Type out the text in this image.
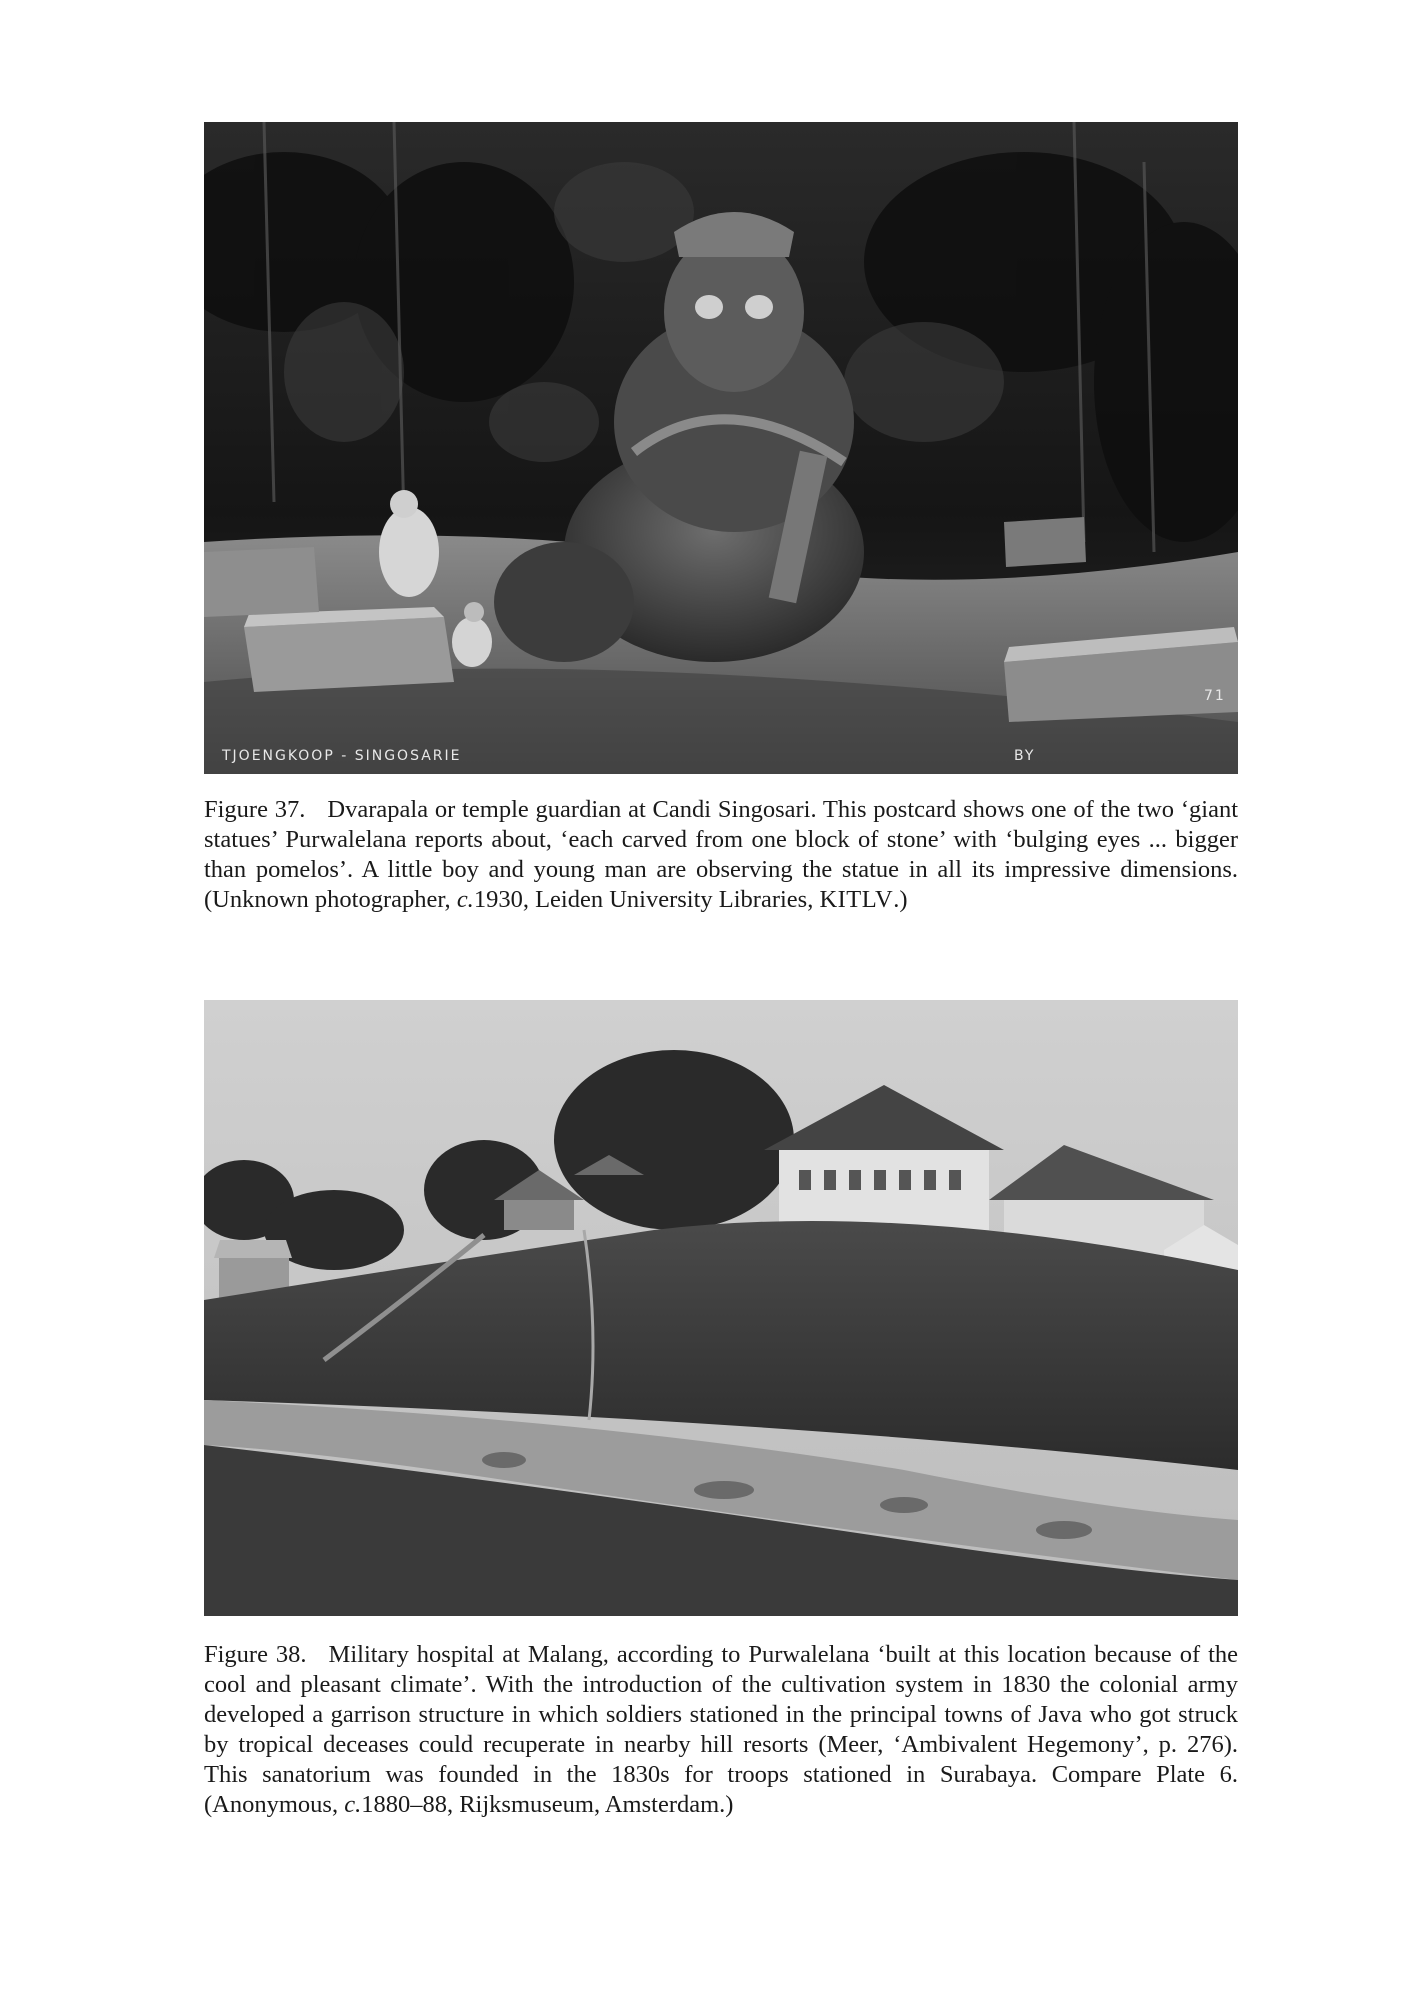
TJOENGKOOP - SINGOSARIE	BY
71

Figure 37. Dvarapala or temple guardian at Candi Singosari. This postcard shows one of the two ‘giant statues’ Purwalelana reports about, ‘each carved from one block of stone’ with ‘bulging eyes ... bigger than pomelos’. A little boy and young man are observing the statue in all its impressive dimensions. (Unknown photographer, c.1930, Leiden University Libraries, KITLV.)

Figure 38. Military hospital at Malang, according to Purwalelana ‘built at this location because of the cool and pleasant climate’. With the introduction of the cultivation system in 1830 the colonial army developed a garrison structure in which soldiers stationed in the principal towns of Java who got struck by tropical deceases could recuperate in nearby hill resorts (Meer, ‘Ambivalent Hegemony’, p. 276). This sanatorium was founded in the 1830s for troops stationed in Surabaya. Compare Plate 6. (Anonymous, c.1880–88, Rijksmuseum, Amsterdam.)
